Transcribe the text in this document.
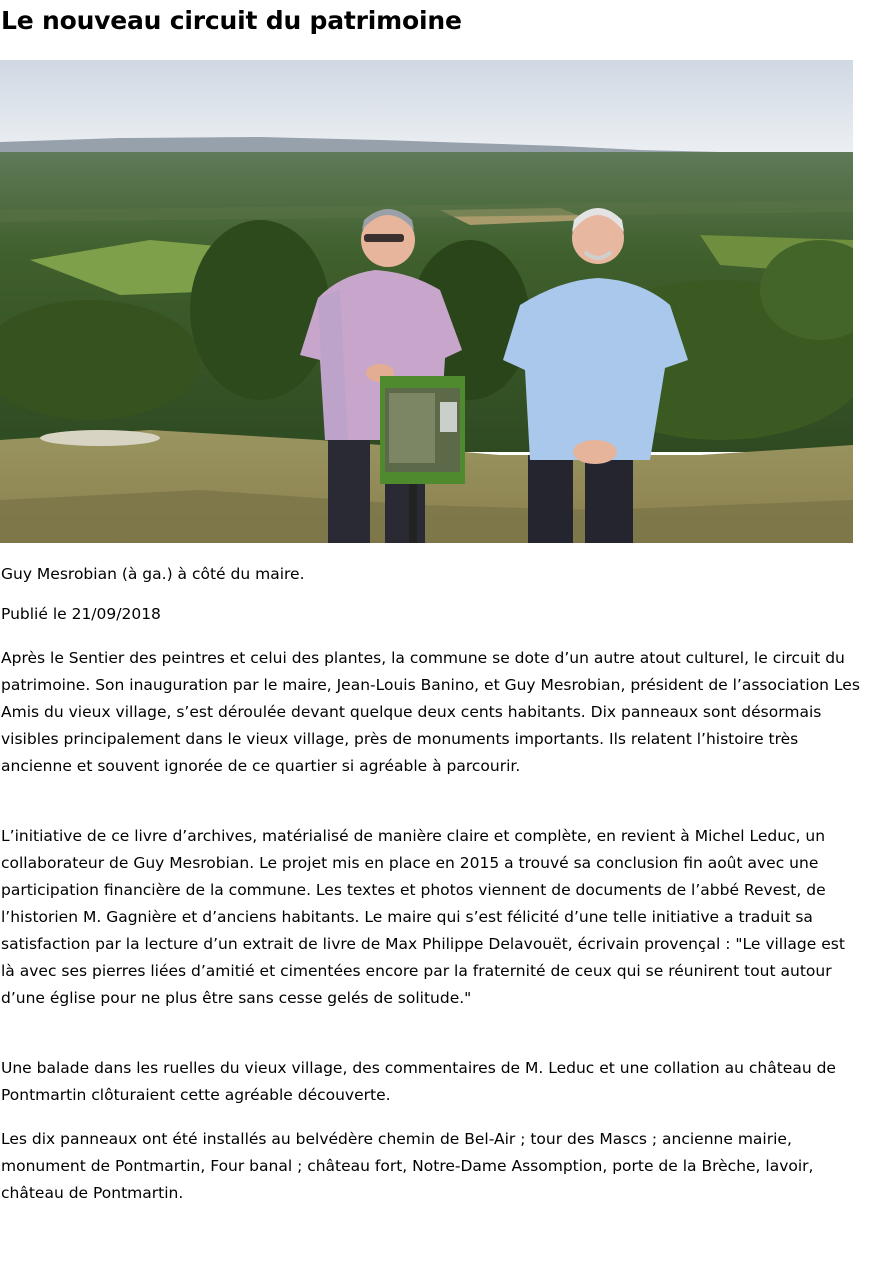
Le nouveau circuit du patrimoine

Guy Mesrobian (à ga.) à côté du maire.

Publié le 21/09/2018

Après le Sentier des peintres et celui des plantes, la commune se dote d’un autre atout culturel, le circuit du patrimoine. Son inauguration par le maire, Jean-Louis Banino, et Guy Mesrobian, président de l’association Les Amis du vieux village, s’est déroulée devant quelque deux cents habitants. Dix panneaux sont désormais visibles principalement dans le vieux village, près de monuments importants. Ils relatent l’histoire très ancienne et souvent ignorée de ce quartier si agréable à parcourir.

L’initiative de ce livre d’archives, matérialisé de manière claire et complète, en revient à Michel Leduc, un collaborateur de Guy Mesrobian. Le projet mis en place en 2015 a trouvé sa conclusion fin août avec une participation financière de la commune. Les textes et photos viennent de documents de l’abbé Revest, de l’historien M. Gagnière et d’anciens habitants. Le maire qui s’est félicité d’une telle initiative a traduit sa satisfaction par la lecture d’un extrait de livre de Max Philippe Delavouët, écrivain provençal : "Le village est là avec ses pierres liées d’amitié et cimentées encore par la fraternité de ceux qui se réunirent tout autour d’une église pour ne plus être sans cesse gelés de solitude."

Une balade dans les ruelles du vieux village, des commentaires de M. Leduc et une collation au château de Pontmartin clôturaient cette agréable découverte.

Les dix panneaux ont été installés au belvédère chemin de Bel-Air ; tour des Mascs ; ancienne mairie, monument de Pontmartin, Four banal ; château fort, Notre-Dame Assomption, porte de la Brèche, lavoir, château de Pontmartin.
